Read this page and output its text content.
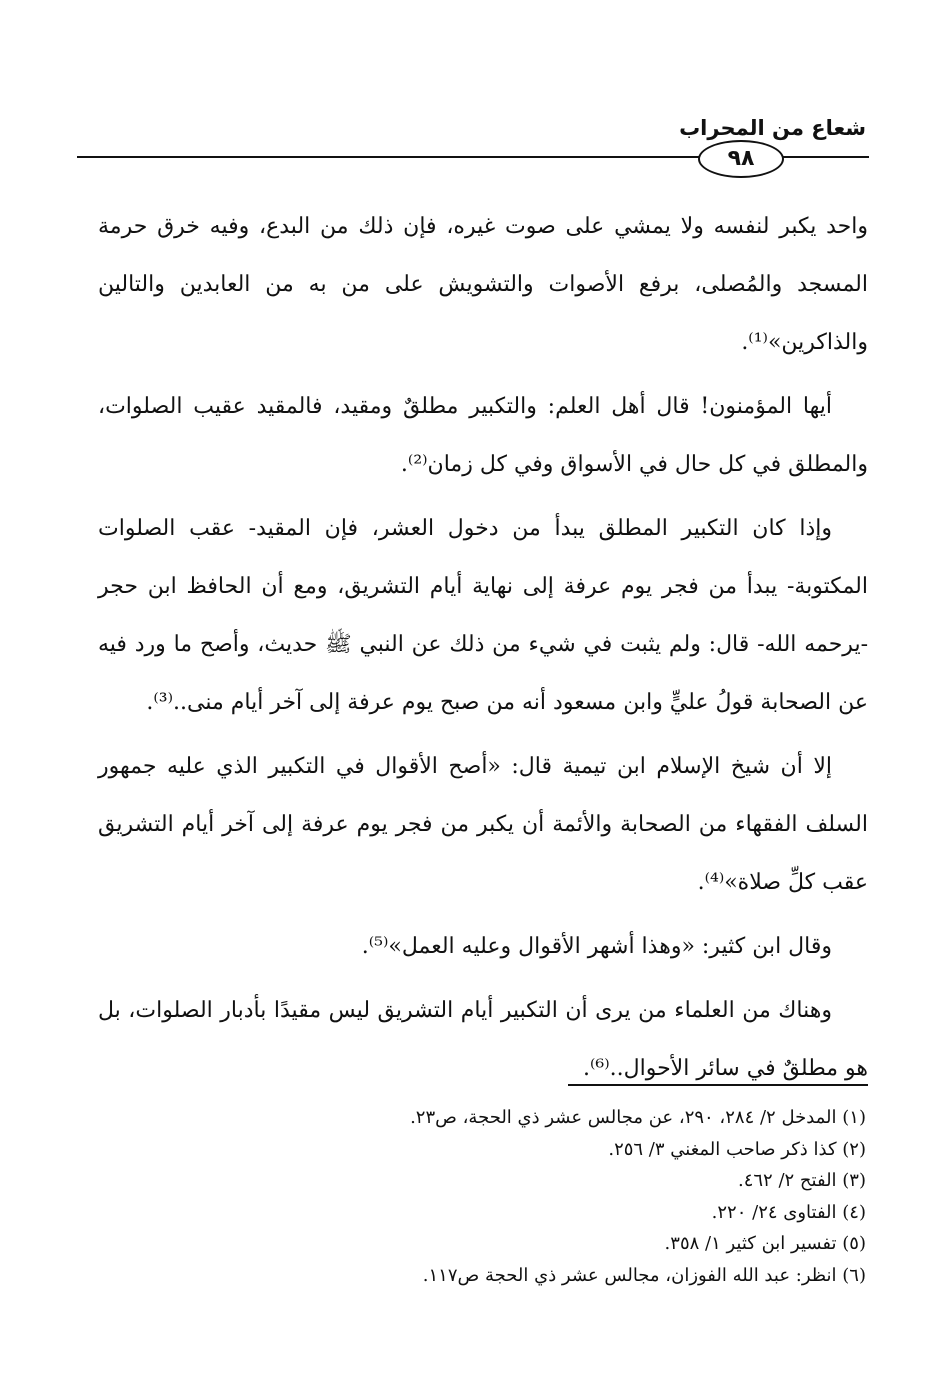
شعاع من المحراب
٩٨

واحد يكبر لنفسه ولا يمشي على صوت غيره، فإن ذلك من البدع، وفيه خرق حرمة المسجد والمُصلى، برفع الأصوات والتشويش على من به من العابدين والتالين والذاكرين»⁽¹⁾.

أيها المؤمنون! قال أهل العلم: والتكبير مطلقٌ ومقيد، فالمقيد عقيب الصلوات، والمطلق في كل حال في الأسواق وفي كل زمان⁽²⁾.

وإذا كان التكبير المطلق يبدأ من دخول العشر، فإن المقيد- عقب الصلوات المكتوبة- يبدأ من فجر يوم عرفة إلى نهاية أيام التشريق، ومع أن الحافظ ابن حجر -يرحمه الله- قال: ولم يثبت في شيء من ذلك عن النبي ﷺ حديث، وأصح ما ورد فيه عن الصحابة قولُ عليٍّ وابن مسعود أنه من صبح يوم عرفة إلى آخر أيام منى..⁽³⁾.

إلا أن شيخ الإسلام ابن تيمية قال: «أصح الأقوال في التكبير الذي عليه جمهور السلف الفقهاء من الصحابة والأئمة أن يكبر من فجر يوم عرفة إلى آخر أيام التشريق عقب كلِّ صلاة»⁽⁴⁾.

وقال ابن كثير: «وهذا أشهر الأقوال وعليه العمل»⁽⁵⁾.

وهناك من العلماء من يرى أن التكبير أيام التشريق ليس مقيدًا بأدبار الصلوات، بل هو مطلقٌ في سائر الأحوال..⁽⁶⁾.

(١) المدخل ٢/ ٢٨٤، ٢٩٠، عن مجالس عشر ذي الحجة، ص٢٣.
(٢) كذا ذكر صاحب المغني ٣/ ٢٥٦.
(٣) الفتح ٢/ ٤٦٢.
(٤) الفتاوى ٢٤/ ٢٢٠.
(٥) تفسير ابن كثير ١/ ٣٥٨.
(٦) انظر: عبد الله الفوزان، مجالس عشر ذي الحجة ص١١٧.
